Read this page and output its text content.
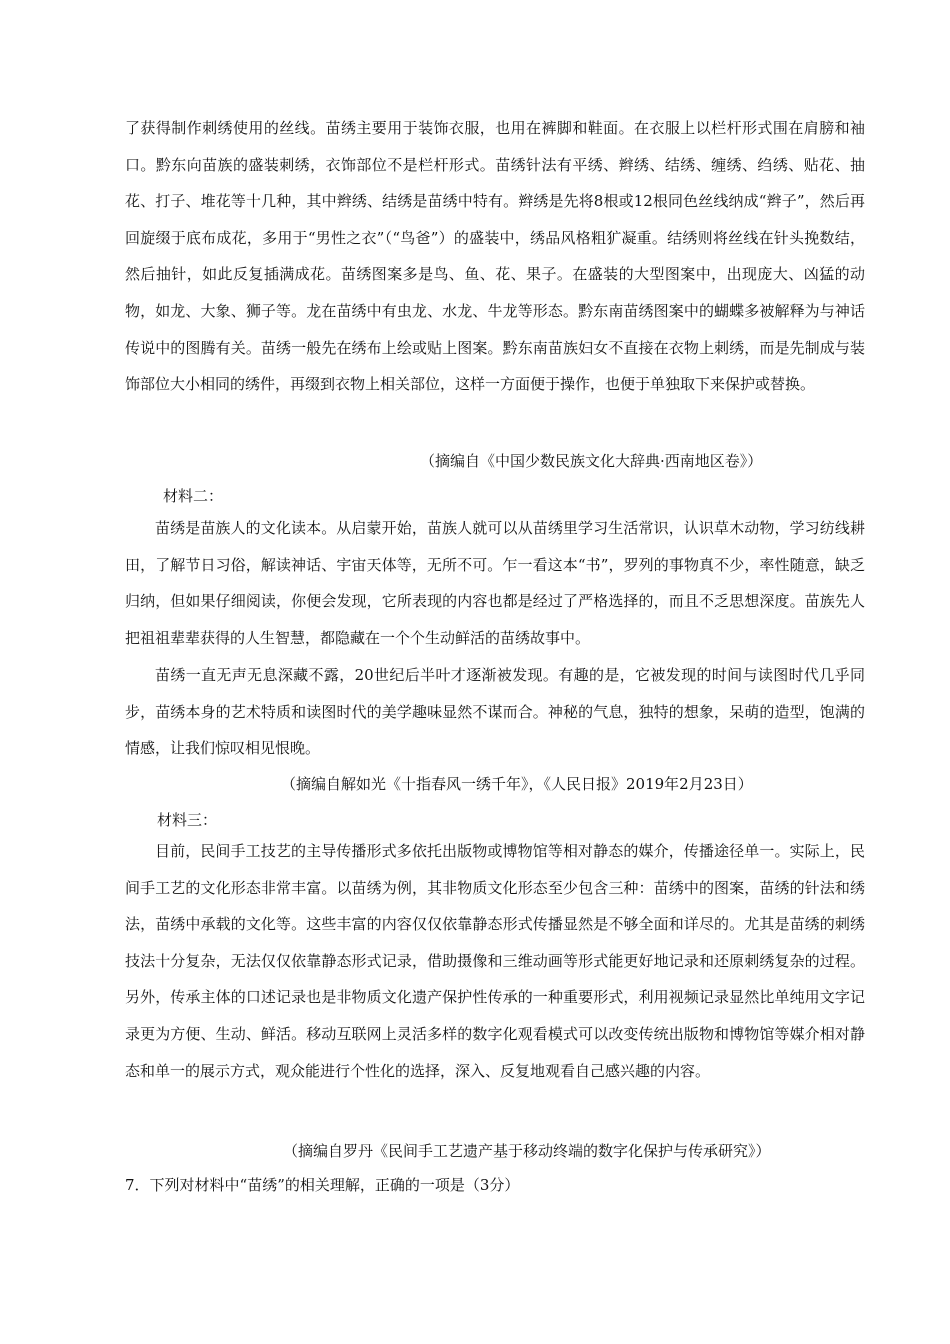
了获得制作刺绣使用的丝线。苗绣主要用于装饰衣服，也用在裤脚和鞋面。在衣服上以栏杆形式围在肩膀和袖口。黔东向苗族的盛装刺绣，衣饰部位不是栏杆形式。苗绣针法有平绣、辫绣、结绣、缠绣、绉绣、贴花、抽花、打子、堆花等十几种，其中辫绣、结绣是苗绣中特有。辫绣是先将8根或12根同色丝线纳成“辫子”，然后再回旋缀于底布成花，多用于“男性之衣”（“鸟爸”）的盛装中，绣品风格粗犷凝重。结绣则将丝线在针头挽数结，然后抽针，如此反复插满成花。苗绣图案多是鸟、鱼、花、果子。在盛装的大型图案中，出现庞大、凶猛的动物，如龙、大象、狮子等。龙在苗绣中有虫龙、水龙、牛龙等形态。黔东南苗绣图案中的蝴蝶多被解释为与神话传说中的图腾有关。苗绣一般先在绣布上绘或贴上图案。黔东南苗族妇女不直接在衣物上刺绣，而是先制成与装饰部位大小相同的绣件，再缀到衣物上相关部位，这样一方面便于操作，也便于单独取下来保护或替换。

（摘编自《中国少数民族文化大辞典·西南地区卷》）
材料二：

苗绣是苗族人的文化读本。从启蒙开始，苗族人就可以从苗绣里学习生活常识，认识草木动物，学习纺线耕田，了解节日习俗，解读神话、宇宙天体等，无所不可。乍一看这本“书”，罗列的事物真不少，率性随意，缺乏归纳，但如果仔细阅读，你便会发现，它所表现的内容也都是经过了严格选择的，而且不乏思想深度。苗族先人把祖祖辈辈获得的人生智慧，都隐藏在一个个生动鲜活的苗绣故事中。

苗绣一直无声无息深藏不露，20世纪后半叶才逐渐被发现。有趣的是，它被发现的时间与读图时代几乎同步，苗绣本身的艺术特质和读图时代的美学趣味显然不谋而合。神秘的气息，独特的想象，呆萌的造型，饱满的情感，让我们惊叹相见恨晚。

（摘编自解如光《十指春风一绣千年》，《人民日报》2019年2月23日）
材料三：

目前，民间手工技艺的主导传播形式多依托出版物或博物馆等相对静态的媒介，传播途径单一。实际上，民间手工艺的文化形态非常丰富。以苗绣为例，其非物质文化形态至少包含三种：苗绣中的图案，苗绣的针法和绣法，苗绣中承载的文化等。这些丰富的内容仅仅依靠静态形式传播显然是不够全面和详尽的。尤其是苗绣的刺绣技法十分复杂，无法仅仅依靠静态形式记录，借助摄像和三维动画等形式能更好地记录和还原刺绣复杂的过程。另外，传承主体的口述记录也是非物质文化遗产保护性传承的一种重要形式，利用视频记录显然比单纯用文字记录更为方便、生动、鲜活。移动互联网上灵活多样的数字化观看模式可以改变传统出版物和博物馆等媒介相对静态和单一的展示方式，观众能进行个性化的选择，深入、反复地观看自己感兴趣的内容。

（摘编自罗丹《民间手工艺遗产基于移动终端的数字化保护与传承研究》）
7．下列对材料中“苗绣”的相关理解，正确的一项是（3分）
